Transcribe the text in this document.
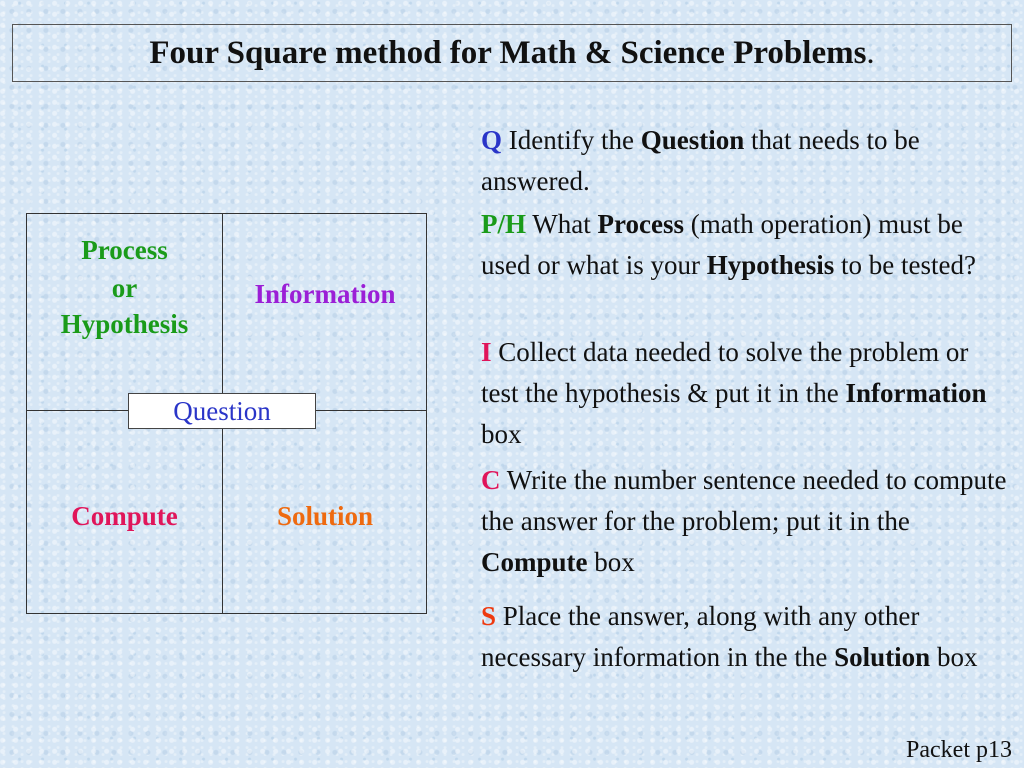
Four Square method for Math & Science Problems .
Process
or
Hypothesis
Information
Compute	Solution
Question
Q Identify the Question that needs to be answered.
P/H What Process (math operation) must be used or what is your Hypothesis to be tested?
I Collect data needed to solve the problem or test the hypothesis & put it in the Information box
C Write the number sentence needed to compute the answer for the problem; put it in the Compute box
S Place the answer, along with any other necessary information in the the Solution box
Packet p13
